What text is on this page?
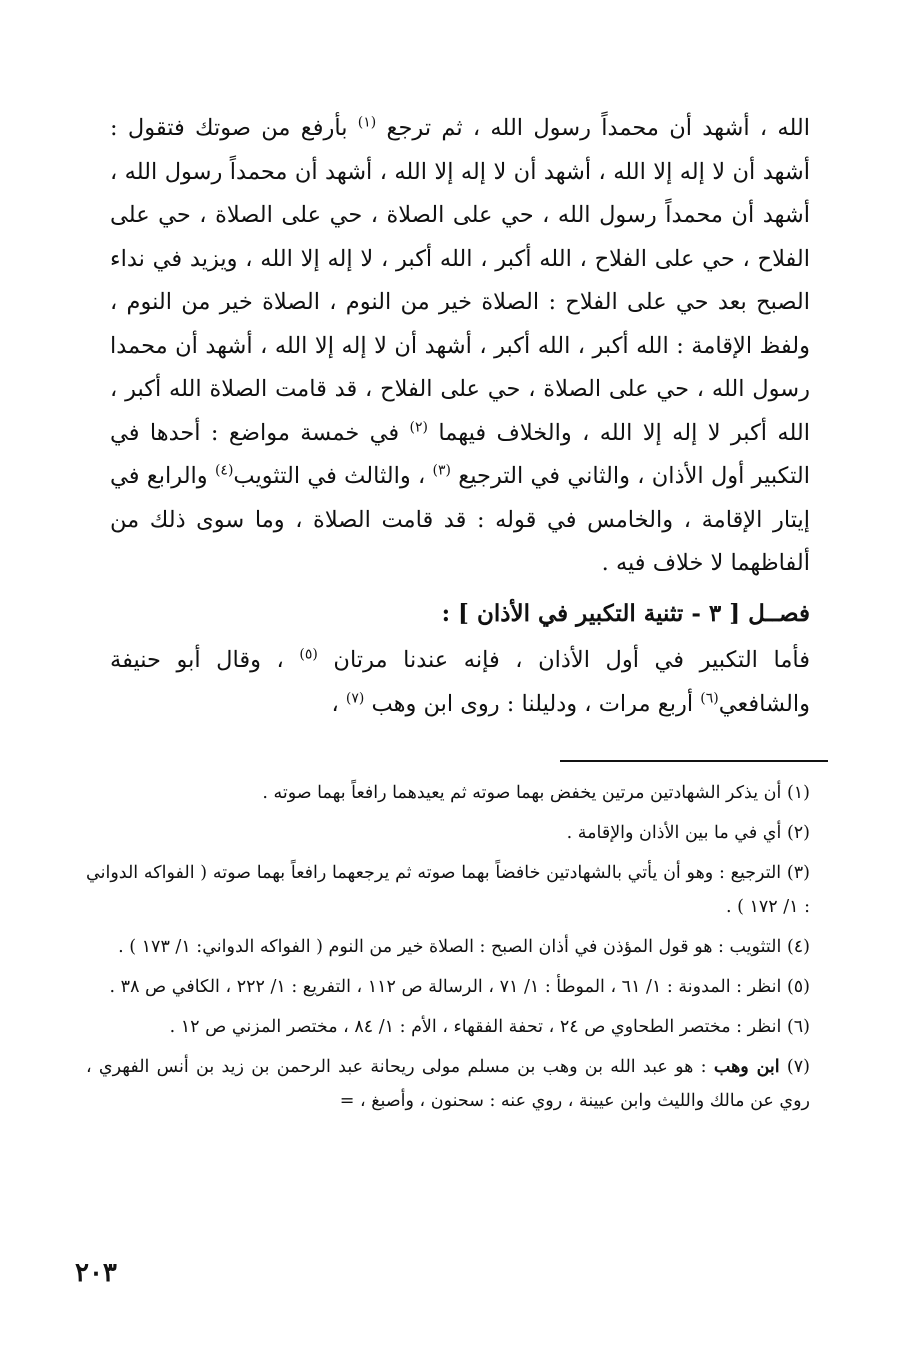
الله ، أشهد أن محمداً رسول الله ، ثم ترجع $^{(١)}$ بأرفع من صوتك فتقول : أشهد أن لا إله إلا الله ، أشهد أن لا إله إلا الله ، أشهد أن محمداً رسول الله ، أشهد أن محمداً رسول الله ، حي على الصلاة ، حي على الصلاة ، حي على الفلاح ، حي على الفلاح ، الله أكبر ، الله أكبر ، لا إله إلا الله ، ويزيد في نداء الصبح بعد حي على الفلاح : الصلاة خير من النوم ، الصلاة خير من النوم ، ولفظ الإقامة : الله أكبر ، الله أكبر ، أشهد أن لا إله إلا الله ، أشهد أن محمدا رسول الله ، حي على الصلاة ، حي على الفلاح ، قد قامت الصلاة الله أكبر ، الله أكبر لا إله إلا الله ، والخلاف فيهما $^{(٢)}$ في خمسة مواضع : أحدها في التكبير أول الأذان ، والثاني في الترجيع $^{(٣)}$ ، والثالث في التثويب$^{(٤)}$ والرابع في إيتار الإقامة ، والخامس في قوله : قد قامت الصلاة ، وما سوى ذلك من ألفاظهما لا خلاف فيه .

فصــل [ ٣ - تثنية التكبير في الأذان ] :

فأما التكبير في أول الأذان ، فإنه عندنا مرتان $^{(٥)}$ ، وقال أبو حنيفة والشافعي$^{(٦)}$ أربع مرات ، ودليلنا : روى ابن وهب $^{(٧)}$ ،

(١) أن يذكر الشهادتين مرتين يخفض بهما صوته ثم يعيدهما رافعاً بهما صوته .

(٢) أي في ما بين الأذان والإقامة .

(٣) الترجيع : وهو أن يأتي بالشهادتين خافضاً بهما صوته ثم يرجعهما رافعاً بهما صوته ( الفواكه الدواني : ١/ ١٧٢ ) .

(٤) التثويب : هو قول المؤذن في أذان الصبح : الصلاة خير من النوم ( الفواكه الدواني: ١/ ١٧٣ ) .

(٥) انظر : المدونة : ١/ ٦١ ، الموطأ : ١/ ٧١ ، الرسالة ص ١١٢ ، التفريع : ١/ ٢٢٢ ، الكافي ص ٣٨ .

(٦) انظر : مختصر الطحاوي ص ٢٤ ، تحفة الفقهاء ، الأم : ١/ ٨٤ ، مختصر المزني ص ١٢ .

(٧) ابن وهب : هو عبد الله بن وهب بن مسلم مولى ريحانة عبد الرحمن بن زيد بن أنس الفهري ، روي عن مالك والليث وابن عيينة ، روي عنه : سحنون ، وأصبغ ، =

٢٠٣
